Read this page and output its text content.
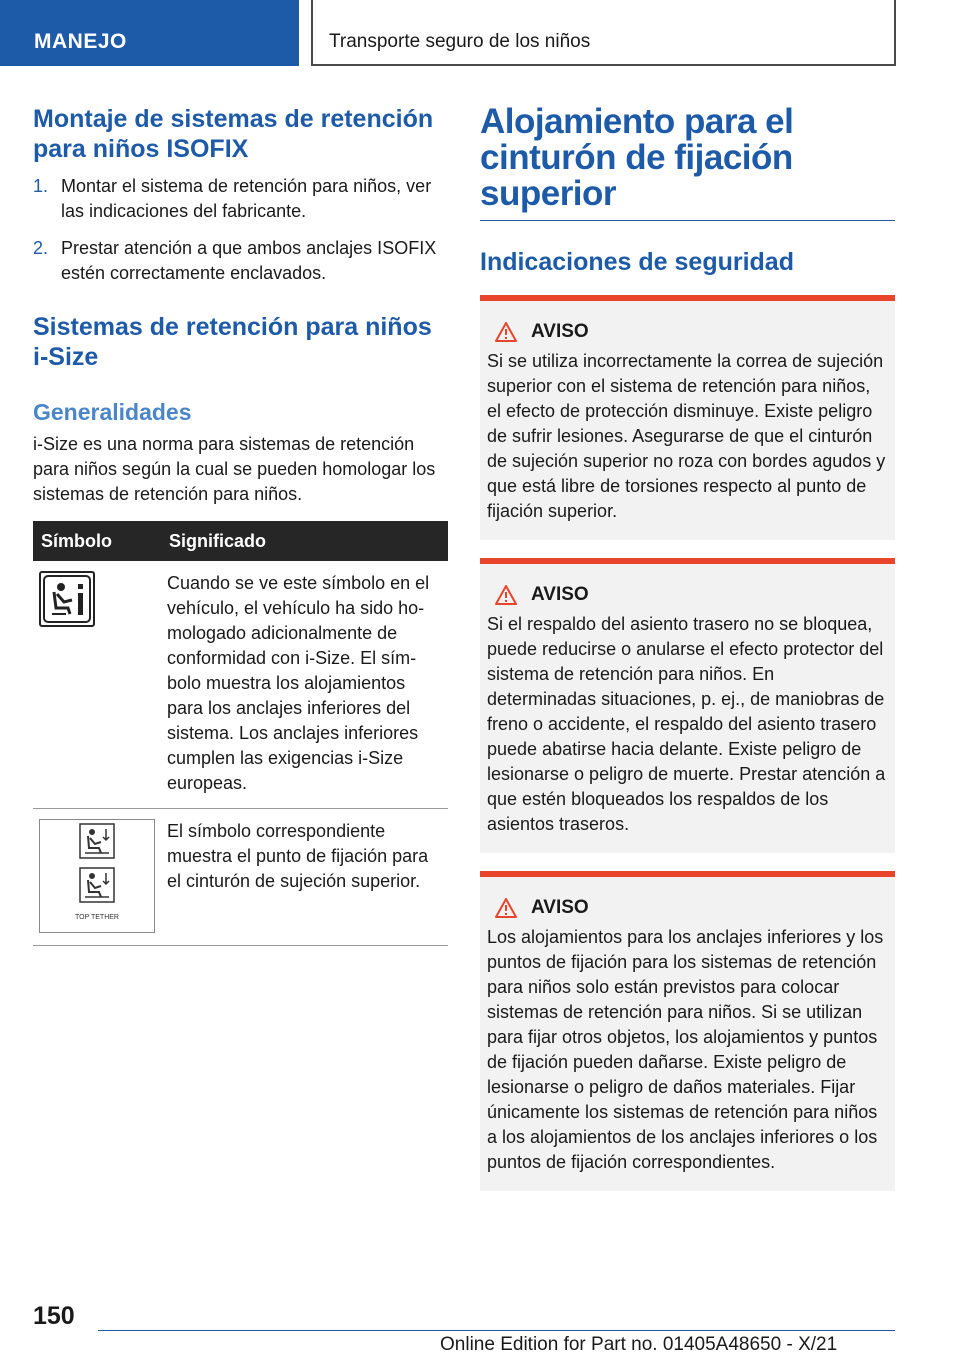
MANEJO	Transporte seguro de los niños
Montaje de sistemas de retención para niños ISOFIX
1. Montar el sistema de retención para niños, ver las indicaciones del fabricante.
2. Prestar atención a que ambos anclajes ISOFIX estén correctamente enclavados.
Sistemas de retención para niños i-Size
Generalidades

i-Size es una norma para sistemas de retención para niños según la cual se pueden homologar los sistemas de retención para niños.

Símbolo	Significado

	Cuando se ve este símbolo en el vehículo, el vehículo ha sido homologado adicionalmente de conformidad con i-Size. El símbolo muestra los alojamientos para los anclajes inferiores del sistema. Los anclajes inferiores cumplen las exigencias i-Size europeas.

TOP TETHER	El símbolo correspondiente muestra el punto de fijación para el cinturón de sujeción superior.
Alojamiento para el cinturón de fijación superior
Indicaciones de seguridad
AVISO

Si se utiliza incorrectamente la correa de sujeción superior con el sistema de retención para niños, el efecto de protección disminuye. Existe peligro de sufrir lesiones. Asegurarse de que el cinturón de sujeción superior no roza con bordes agudos y que está libre de torsiones respecto al punto de fijación superior.

AVISO

Si el respaldo del asiento trasero no se bloquea, puede reducirse o anularse el efecto protector del sistema de retención para niños. En determinadas situaciones, p. ej., de maniobras de freno o accidente, el respaldo del asiento trasero puede abatirse hacia delante. Existe peligro de lesionarse o peligro de muerte. Prestar atención a que estén bloqueados los respaldos de los asientos traseros.

AVISO

Los alojamientos para los anclajes inferiores y los puntos de fijación para los sistemas de retención para niños solo están previstos para colocar sistemas de retención para niños. Si se utilizan para fijar otros objetos, los alojamientos y puntos de fijación pueden dañarse. Existe peligro de lesionarse o peligro de daños materiales. Fijar únicamente los sistemas de retención para niños a los alojamientos de los anclajes inferiores o los puntos de fijación correspondientes.

150
Online Edition for Part no. 01405A48650 - X/21
